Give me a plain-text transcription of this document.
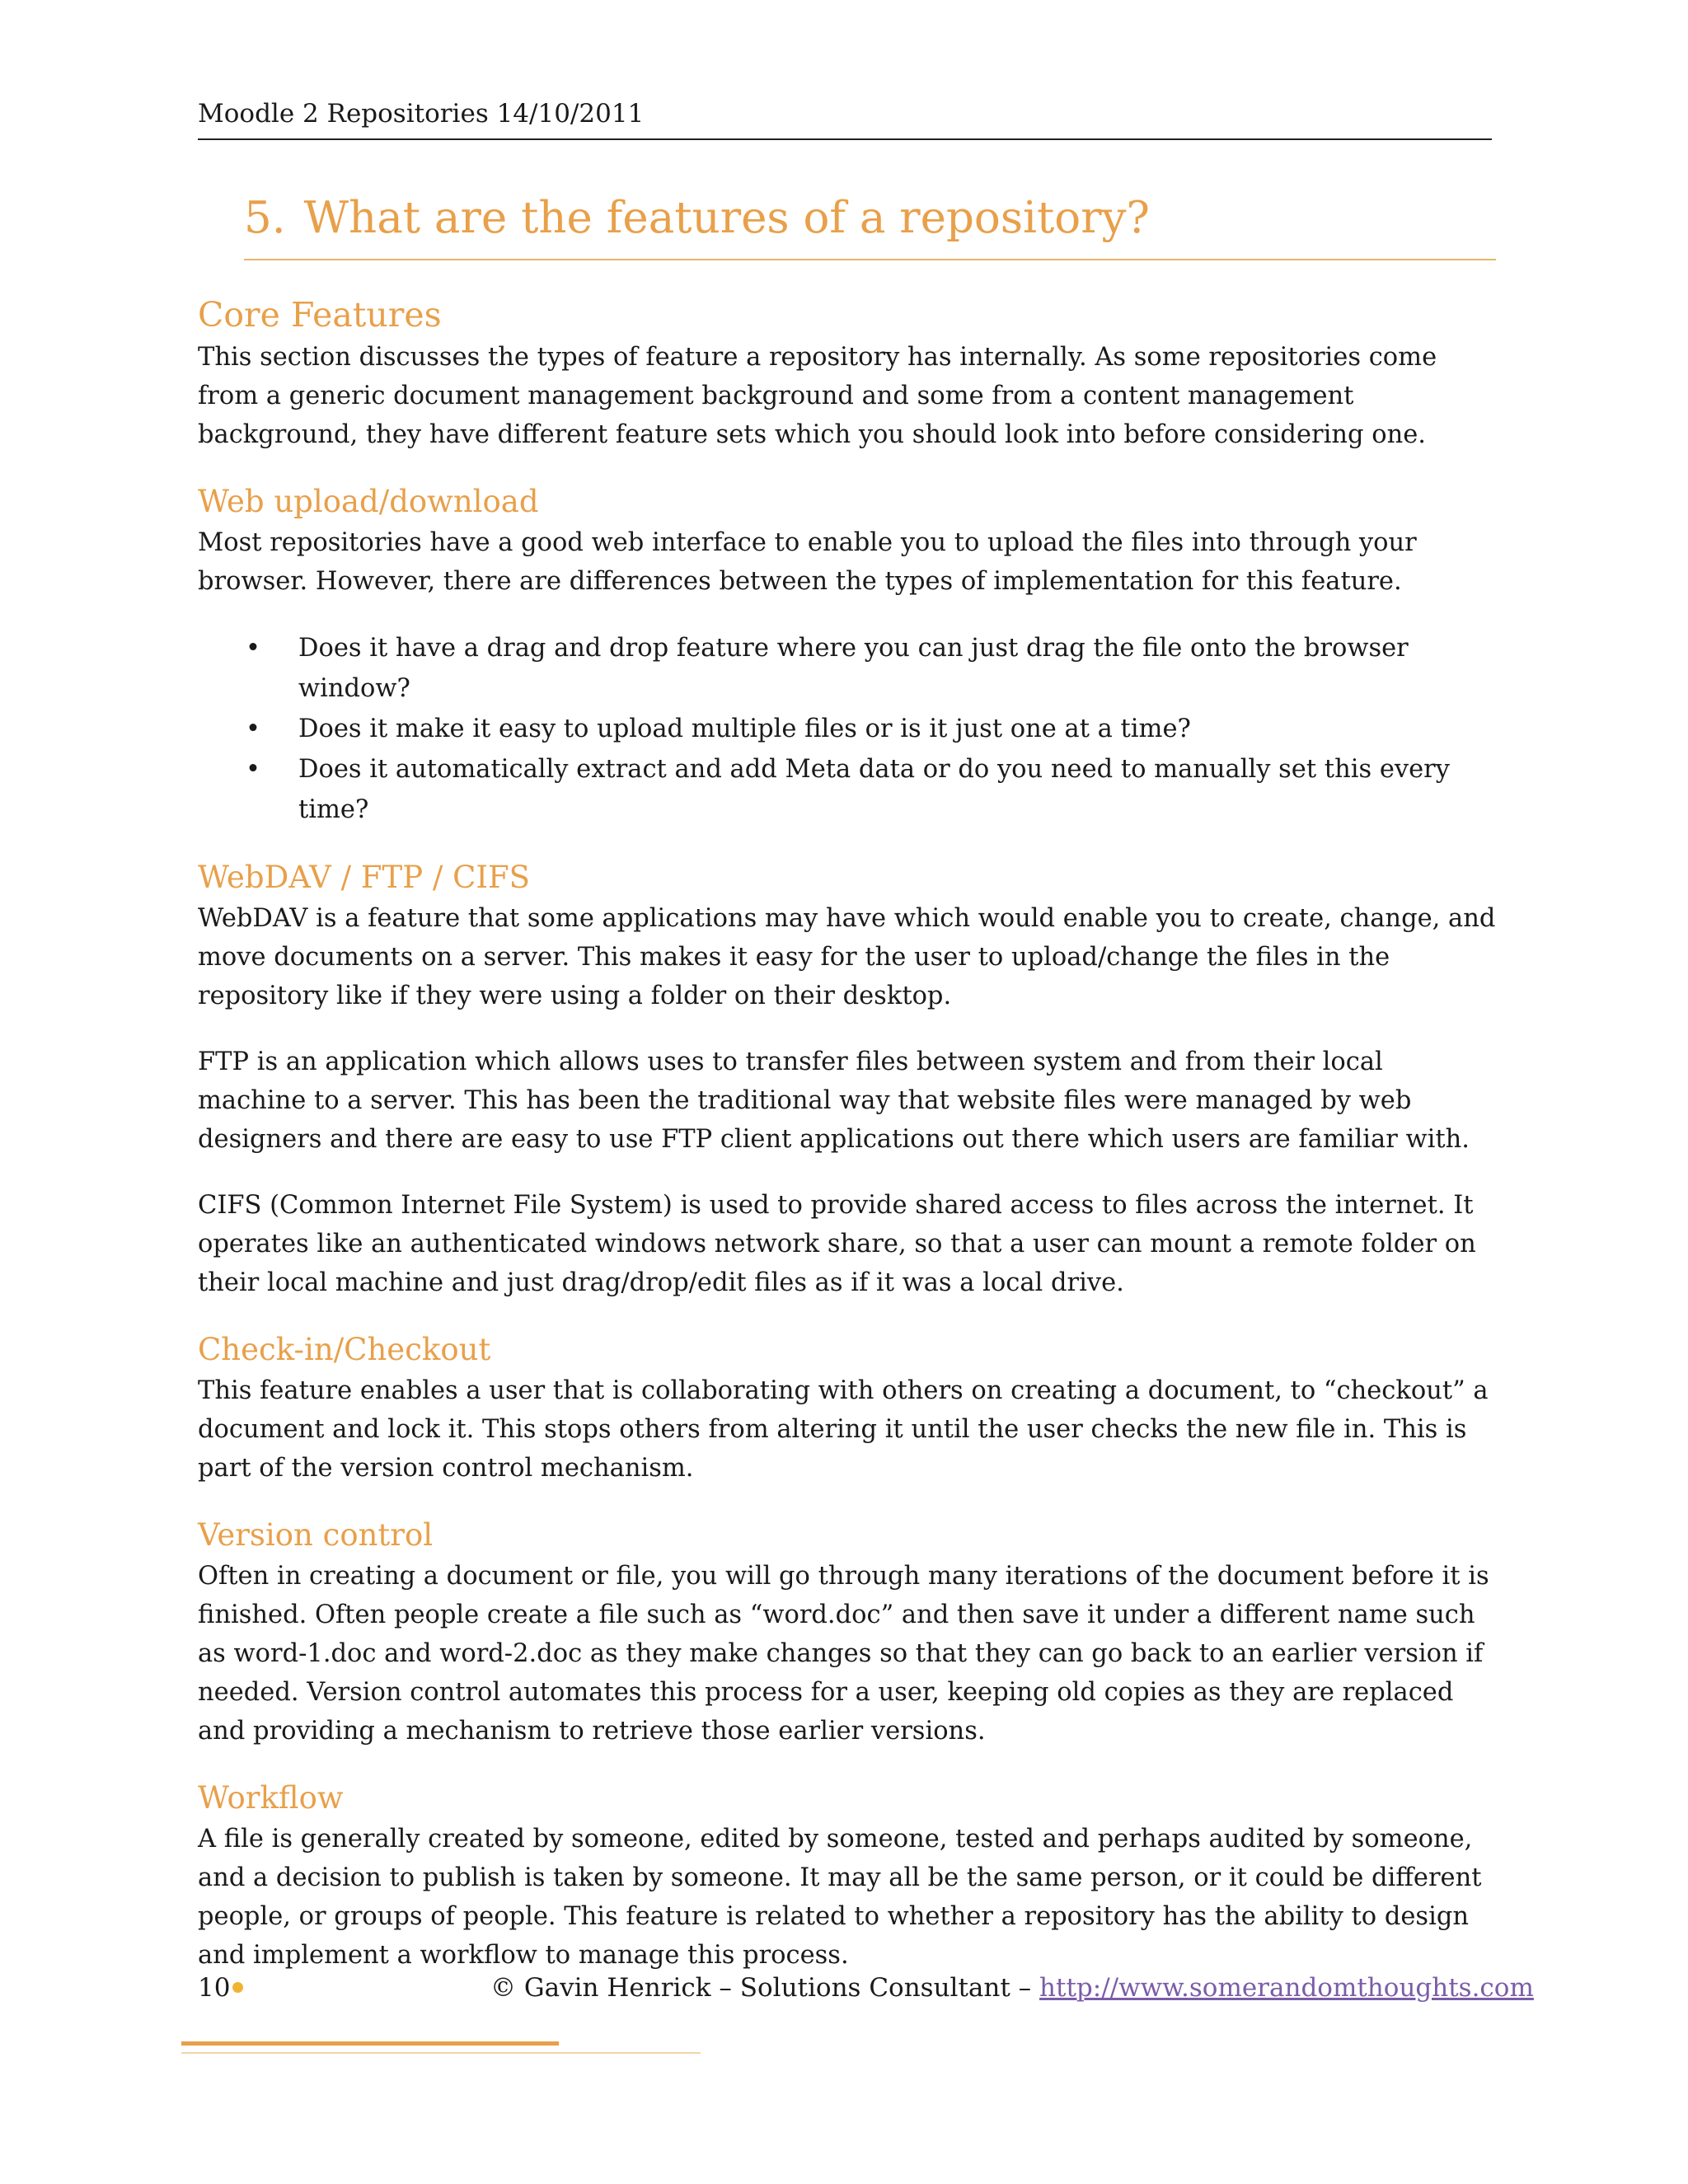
Moodle 2 Repositories 14/10/2011
5. What are the features of a repository?
Core Features

This section discusses the types of feature a repository has internally. As some repositories come from a generic document management background and some from a content management background, they have different feature sets which you should look into before considering one.

Web upload/download

Most repositories have a good web interface to enable you to upload the files into through your browser. However, there are differences between the types of implementation for this feature.

• Does it have a drag and drop feature where you can just drag the file onto the browser window?
• Does it make it easy to upload multiple files or is it just one at a time?
• Does it automatically extract and add Meta data or do you need to manually set this every time?
WebDAV / FTP / CIFS

WebDAV is a feature that some applications may have which would enable you to create, change, and move documents on a server. This makes it easy for the user to upload/change the files in the repository like if they were using a folder on their desktop.

FTP is an application which allows uses to transfer files between system and from their local machine to a server. This has been the traditional way that website files were managed by web designers and there are easy to use FTP client applications out there which users are familiar with.

CIFS (Common Internet File System) is used to provide shared access to files across the internet. It operates like an authenticated windows network share, so that a user can mount a remote folder on their local machine and just drag/drop/edit files as if it was a local drive.

Check-in/Checkout

This feature enables a user that is collaborating with others on creating a document, to “checkout” a document and lock it. This stops others from altering it until the user checks the new file in. This is part of the version control mechanism.

Version control

Often in creating a document or file, you will go through many iterations of the document before it is finished. Often people create a file such as “word.doc” and then save it under a different name such as word-1.doc and word-2.doc as they make changes so that they can go back to an earlier version if needed. Version control automates this process for a user, keeping old copies as they are replaced and providing a mechanism to retrieve those earlier versions.

Workflow

A file is generally created by someone, edited by someone, tested and perhaps audited by someone, and a decision to publish is taken by someone. It may all be the same person, or it could be different people, or groups of people. This feature is related to whether a repository has the ability to design and implement a workflow to manage this process.

10	© Gavin Henrick – Solutions Consultant – http://www.somerandomthoughts.com
